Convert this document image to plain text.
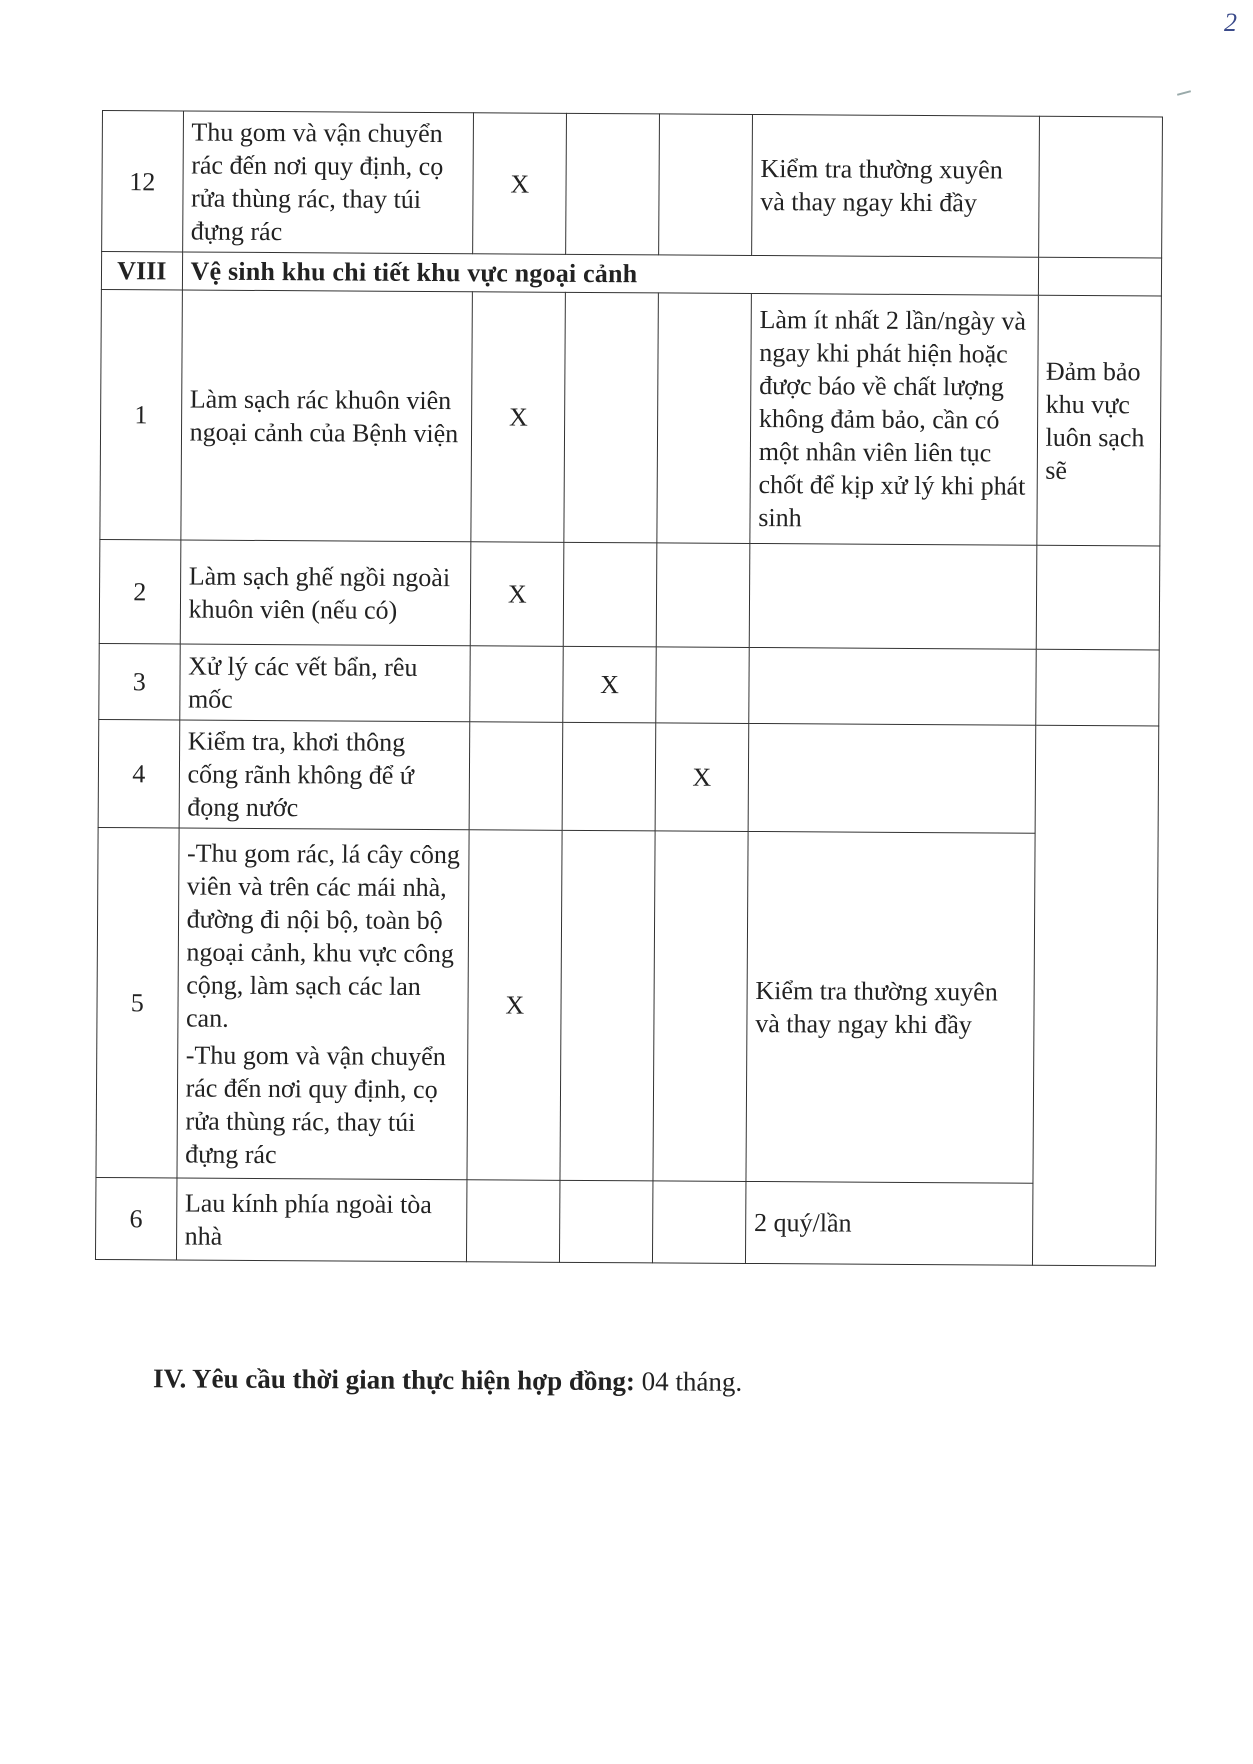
2
12	Thu gom và vận chuyển rác đến nơi quy định, cọ rửa thùng rác, thay túi đựng rác	X			Kiểm tra thường xuyên và thay ngay khi đầy	
VIII	Vệ sinh khu chi tiết khu vực ngoại cảnh					
1	Làm sạch rác khuôn viên ngoại cảnh của Bệnh viện	X			Làm ít nhất 2 lần/ngày và ngay khi phát hiện hoặc được báo về chất lượng không đảm bảo, cần có một nhân viên liên tục chốt để kịp xử lý khi phát sinh	Đảm bảo khu vực luôn sạch sẽ
2	Làm sạch ghế ngồi ngoài khuôn viên (nếu có)	X				
3	Xử lý các vết bẩn, rêu mốc		X			
4	Kiểm tra, khơi thông cống rãnh không để ứ đọng nước			X		
5	-Thu gom rác, lá cây công viên và trên các mái nhà, đường đi nội bộ, toàn bộ ngoại cảnh, khu vực công cộng, làm sạch các lan can.
-Thu gom và vận chuyển rác đến nơi quy định, cọ rửa thùng rác, thay túi đựng rác	X			Kiểm tra thường xuyên và thay ngay khi đầy	
6	Lau kính phía ngoài tòa nhà				2 quý/lần	
IV. Yêu cầu thời gian thực hiện hợp đồng: 04 tháng.
